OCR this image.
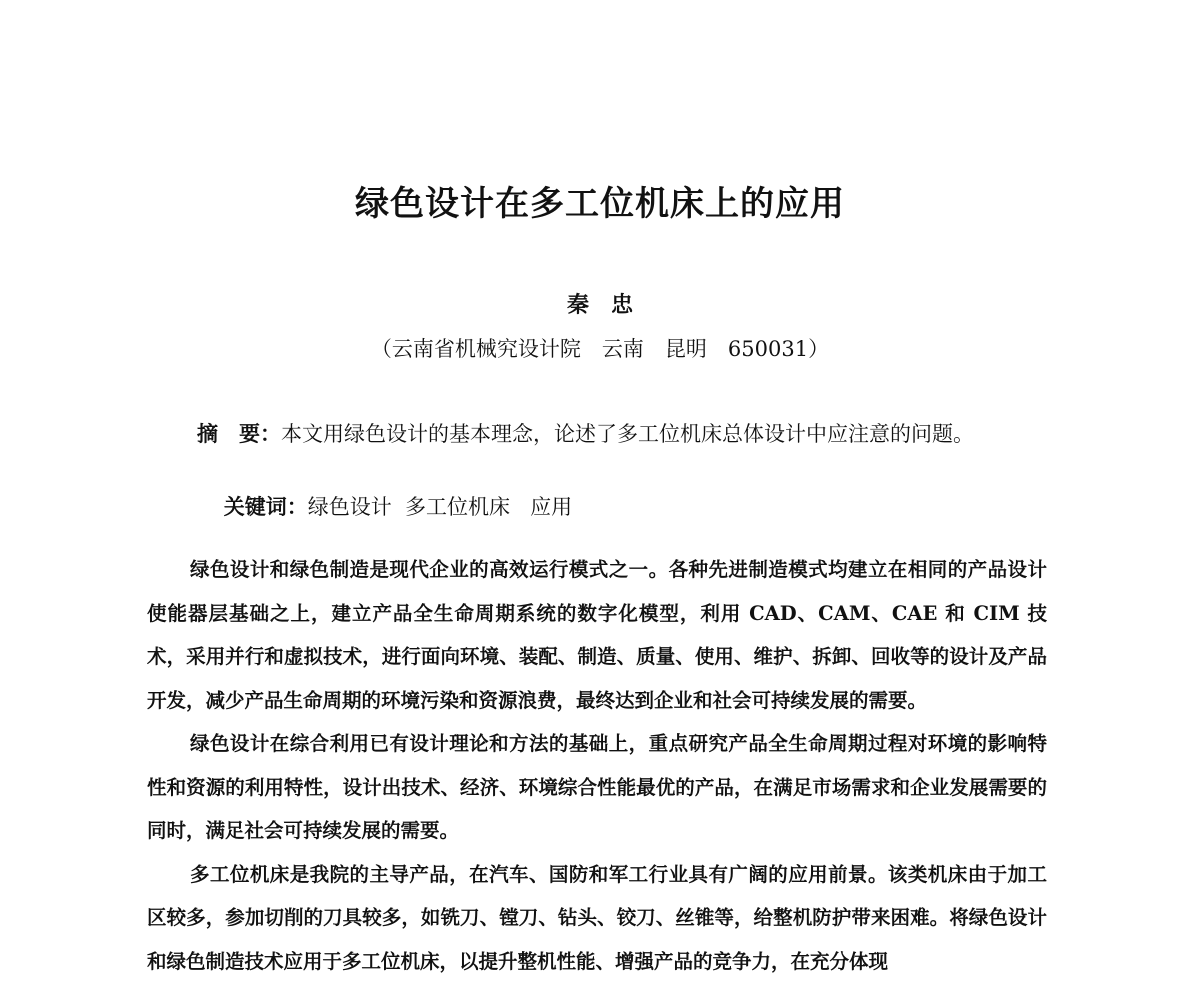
绿色设计在多工位机床上的应用
秦　忠
（云南省机械究设计院　云南　昆明　650031）
摘　要：本文用绿色设计的基本理念，论述了多工位机床总体设计中应注意的问题。

关键词：绿色设计  多工位机床   应用

绿色设计和绿色制造是现代企业的高效运行模式之一。各种先进制造模式均建立在相同的产品设计使能器层基础之上，建立产品全生命周期系统的数字化模型，利用 CAD、CAM、CAE 和 CIM 技术，采用并行和虚拟技术，进行面向环境、装配、制造、质量、使用、维护、拆卸、回收等的设计及产品开发，减少产品生命周期的环境污染和资源浪费，最终达到企业和社会可持续发展的需要。

绿色设计在综合利用已有设计理论和方法的基础上，重点研究产品全生命周期过程对环境的影响特性和资源的利用特性，设计出技术、经济、环境综合性能最优的产品，在满足市场需求和企业发展需要的同时，满足社会可持续发展的需要。

多工位机床是我院的主导产品，在汽车、国防和军工行业具有广阔的应用前景。该类机床由于加工区较多，参加切削的刀具较多，如铣刀、镗刀、钻头、铰刀、丝锥等，给整机防护带来困难。将绿色设计和绿色制造技术应用于多工位机床，以提升整机性能、增强产品的竞争力，在充分体现
